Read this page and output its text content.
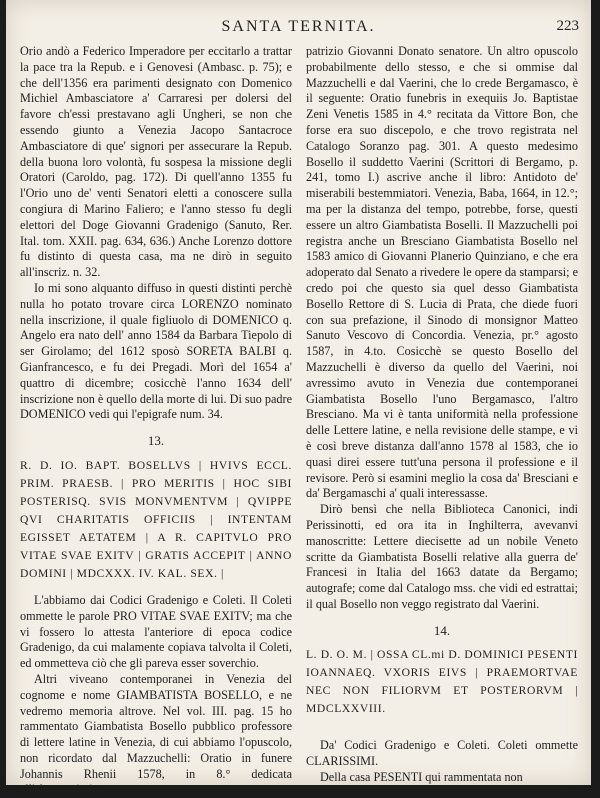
SANTA TERNITA.	223

Orio andò a Federico Imperadore per eccitarlo a trattar la pace tra la Repub. e i Genovesi (Ambasc. p. 75); e che dell'1356 era parimenti designato con Domenico Michiel Ambasciatore a' Carraresi per dolersi del favore ch'essi prestavano agli Ungheri, se non che essendo giunto a Venezia Jacopo Santacroce Ambasciatore di que' signori per assecurare la Repub. della buona loro volontà, fu sospesa la missione degli Oratori (Caroldo, pag. 172). Di quell'anno 1355 fu l'Orio uno de' venti Senatori eletti a conoscere sulla congiura di Marino Faliero; e l'anno stesso fu degli elettori del Doge Giovanni Gradenigo (Sanuto, Rer. Ital. tom. XXII. pag. 634, 636.) Anche Lorenzo dottore fu distinto di questa casa, ma ne dirò in seguito all'inscriz. n. 32.

Io mi sono alquanto diffuso in questi distinti perchè nulla ho potato trovare circa LORENZO nominato nella inscrizione, il quale figliuolo di DOMENICO q. Angelo era nato dell' anno 1584 da Barbara Tiepolo di ser Girolamo; del 1612 sposò SORETA BALBI q. Gianfrancesco, e fu dei Pregadi. Morì del 1654 a' quattro di dicembre; cosicchè l'anno 1634 dell' inscrizione non è quello della morte di lui. Di suo padre DOMENICO vedi qui l'epigrafe num. 34.

13.
R. D. IO. BAPT. BOSELLVS | HVIVS ECCL. PRIM. PRAESB. | PRO MERITIS | HOC SIBI POSTERISQ. SVIS MONVMENTVM | QVIPPE QVI CHARITATIS OFFICIIS | INTENTAM EGISSET AETATEM | A R. CAPITVLO PRO VITAE SVAE EXITV | GRATIS ACCEPIT | ANNO DOMINI | MDCXXX. IV. KAL. SEX. |

L'abbiamo dai Codici Gradenigo e Coleti. Il Coleti ommette le parole PRO VITAE SVAE EXITV; ma che vi fossero lo attesta l'anteriore di epoca codice Gradenigo, da cui malamente copiava talvolta il Coleti, ed ommetteva ciò che gli pareva esser soverchio.

Altri viveano contemporanei in Venezia del cognome e nome GIAMBATISTA BOSELLO, e ne vedremo memoria altrove. Nel vol. III. pag. 15 ho rammentato Giambatista Bosello pubblico professore di lettere latine in Venezia, di cui abbiamo l'opuscolo, non ricordato dal Mazzuchelli: Oratio in funere Johannis Rhenii 1578, in 8.° dedicata all'eloquentissimo

patrizio Giovanni Donato senatore. Un altro opuscolo probabilmente dello stesso, e che si ommise dal Mazzuchelli e dal Vaerini, che lo crede Bergamasco, è il seguente: Oratio funebris in exequiis Jo. Baptistae Zeni Venetis 1585 in 4.° recitata da Vittore Bon, che forse era suo discepolo, e che trovo registrata nel Catalogo Soranzo pag. 301. A questo medesimo Bosello il suddetto Vaerini (Scrittori di Bergamo, p. 241, tomo I.) ascrive anche il libro: Antidoto de' miserabili bestemmiatori. Venezia, Baba, 1664, in 12.°; ma per la distanza del tempo, potrebbe, forse, questi essere un altro Giambatista Boselli. Il Mazzuchelli poi registra anche un Bresciano Giambatista Bosello nel 1583 amico di Giovanni Planerio Quinziano, e che era adoperato dal Senato a rivedere le opere da stamparsi; e credo poi che questo sia quel desso Giambatista Bosello Rettore di S. Lucia di Prata, che diede fuori con sua prefazione, il Sinodo di monsignor Matteo Sanuto Vescovo di Concordia. Venezia, pr.° agosto 1587, in 4.to. Cosicchè se questo Bosello del Mazzuchelli è diverso da quello del Vaerini, noi avressimo avuto in Venezia due contemporanei Giambatista Bosello l'uno Bergamasco, l'altro Bresciano. Ma vi è tanta uniformità nella professione delle Lettere latine, e nella revisione delle stampe, e vi è così breve distanza dall'anno 1578 al 1583, che io quasi direi essere tutt'una persona il professione e il revisore. Però si esamini meglio la cosa da' Bresciani e da' Bergamaschi a' quali interessasse.

Dirò bensì che nella Biblioteca Canonici, indi Perissinotti, ed ora ita in Inghilterra, avevanvi manoscritte: Lettere diecisette ad un nobile Veneto scritte da Giambatista Boselli relative alla guerra de' Francesi in Italia del 1663 datate da Bergamo; autografe; come dal Catalogo mss. che vidi ed estrattai; il qual Bosello non veggo registrato dal Vaerini.

14.
L. D. O. M. | OSSA CL.mi D. DOMINICI PESENTI IOANNAEQ. VXORIS EIVS | PRAEMORTVAE NEC NON FILIORVM ET POSTERORVM | MDCLXXVIII.

Da' Codici Gradenigo e Coleti. Coleti ommette CLARISSIMI.

Della casa PESENTI qui rammentata non
